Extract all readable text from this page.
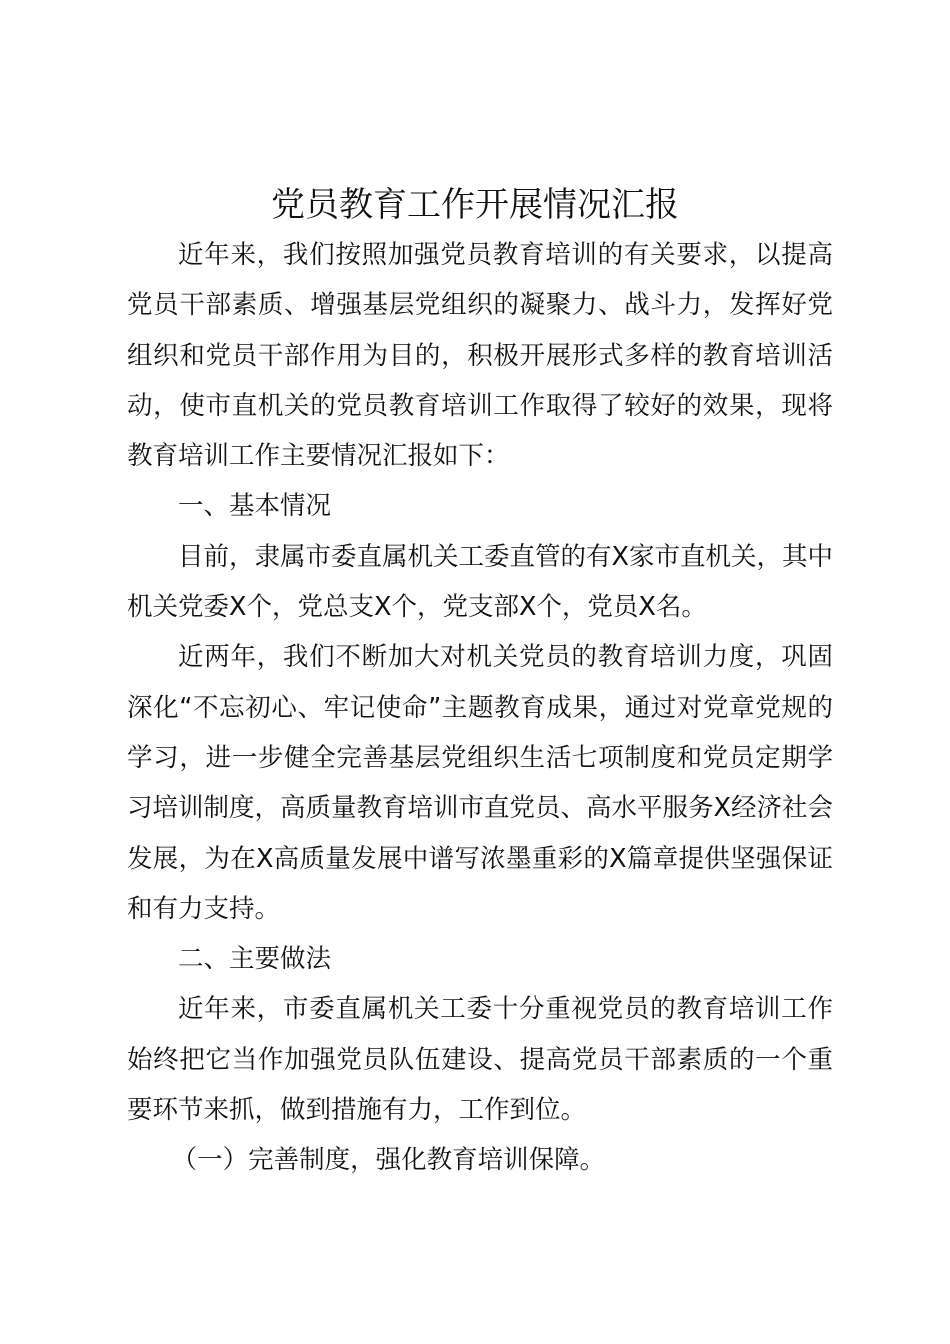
党员教育工作开展情况汇报

近年来，我们按照加强党员教育培训的有关要求，以提高党员干部素质、增强基层党组织的凝聚力、战斗力，发挥好党组织和党员干部作用为目的，积极开展形式多样的教育培训活动，使市直机关的党员教育培训工作取得了较好的效果，现将教育培训工作主要情况汇报如下：

一、基本情况

目前，隶属市委直属机关工委直管的有X家市直机关，其中机关党委X个，党总支X个，党支部X个，党员X名。

近两年，我们不断加大对机关党员的教育培训力度，巩固深化“不忘初心、牢记使命”主题教育成果，通过对党章党规的学习，进一步健全完善基层党组织生活七项制度和党员定期学习培训制度，高质量教育培训市直党员、高水平服务X经济社会发展，为在X高质量发展中谱写浓墨重彩的X篇章提供坚强保证和有力支持。

二、主要做法

近年来，市委直属机关工委十分重视党员的教育培训工作始终把它当作加强党员队伍建设、提高党员干部素质的一个重要环节来抓，做到措施有力，工作到位。

（一）完善制度，强化教育培训保障。
